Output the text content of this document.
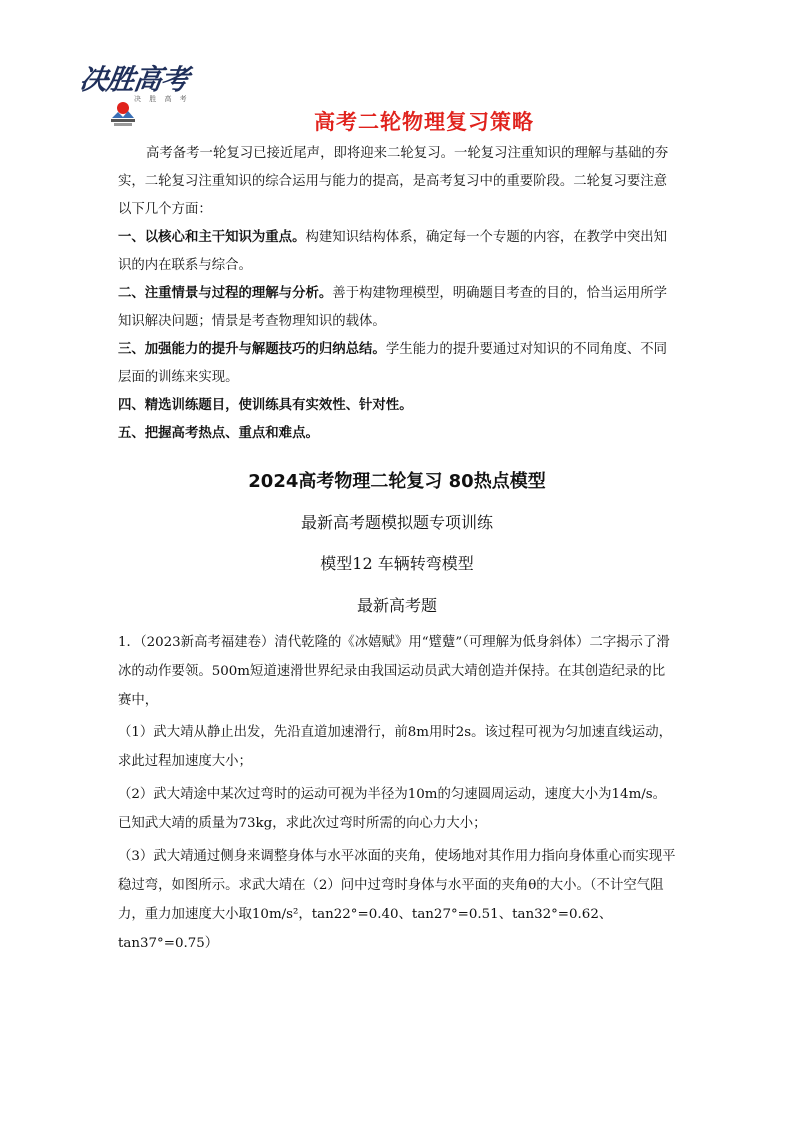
决胜高考
决 胜 高 考
高考二轮物理复习策略

高考备考一轮复习已接近尾声，即将迎来二轮复习。一轮复习注重知识的理解与基础的夯实，二轮复习注重知识的综合运用与能力的提高，是高考复习中的重要阶段。二轮复习要注意以下几个方面：

一、以核心和主干知识为重点。构建知识结构体系，确定每一个专题的内容，在教学中突出知识的内在联系与综合。

二、注重情景与过程的理解与分析。善于构建物理模型，明确题目考查的目的，恰当运用所学知识解决问题；情景是考查物理知识的载体。

三、加强能力的提升与解题技巧的归纳总结。学生能力的提升要通过对知识的不同角度、不同层面的训练来实现。

四、精选训练题目，使训练具有实效性、针对性。

五、把握高考热点、重点和难点。

2024高考物理二轮复习 80热点模型
最新高考题模拟题专项训练
模型12 车辆转弯模型
最新高考题

1．（2023新高考福建卷）清代乾隆的《冰嬉赋》用“躄躠”（可理解为低身斜体）二字揭示了滑冰的动作要领。500m短道速滑世界纪录由我国运动员武大靖创造并保持。在其创造纪录的比赛中，

（1）武大靖从静止出发，先沿直道加速滑行，前8m用时2s。该过程可视为匀加速直线运动，求此过程加速度大小；

（2）武大靖途中某次过弯时的运动可视为半径为10m的匀速圆周运动，速度大小为14m/s。已知武大靖的质量为73kg，求此次过弯时所需的向心力大小；

（3）武大靖通过侧身来调整身体与水平冰面的夹角，使场地对其作用力指向身体重心而实现平稳过弯，如图所示。求武大靖在（2）问中过弯时身体与水平面的夹角θ的大小。（不计空气阻力，重力加速度大小取10m/s²，tan22°=0.40、tan27°=0.51、tan32°=0.62、tan37°=0.75）
